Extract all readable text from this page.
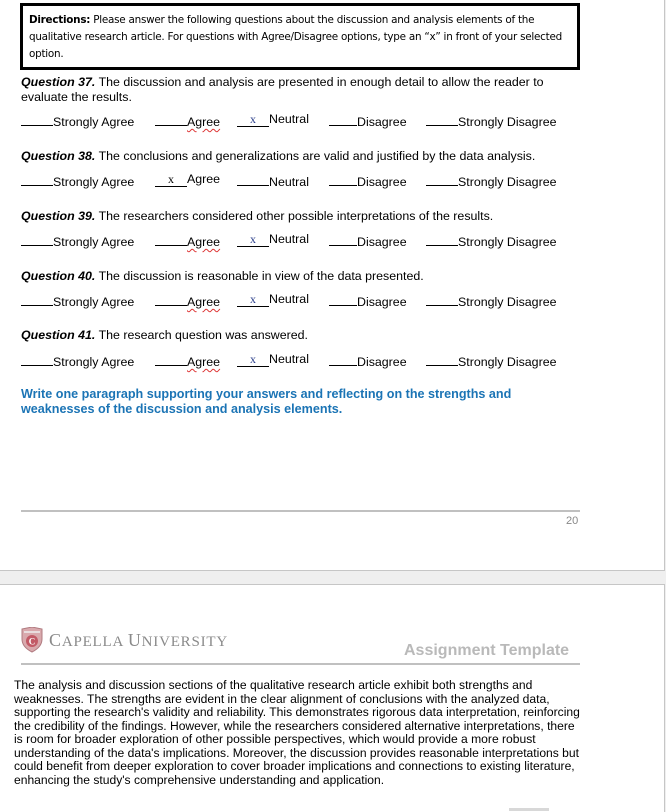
Directions: Please answer the following questions about the discussion and analysis elements of the qualitative research article. For questions with Agree/Disagree options, type an “x” in front of your selected option.
Question 37. The discussion and analysis are presented in enough detail to allow the reader to evaluate the results.
Strongly Agree	Agree	x Neutral	Disagree	Strongly Disagree
Question 38. The conclusions and generalizations are valid and justified by the data analysis.
Strongly Agree	x Agree	Neutral	Disagree	Strongly Disagree
Question 39. The researchers considered other possible interpretations of the results.
Strongly Agree	Agree	x Neutral	Disagree	Strongly Disagree
Question 40. The discussion is reasonable in view of the data presented.
Strongly Agree	Agree	x Neutral	Disagree	Strongly Disagree
Question 41. The research question was answered.
Strongly Agree	Agree	x Neutral	Disagree	Strongly Disagree
Write one paragraph supporting your answers and reflecting on the strengths and weaknesses of the discussion and analysis elements.
20
C CAPELLA UNIVERSITY
Assignment Template
The analysis and discussion sections of the qualitative research article exhibit both strengths and weaknesses. The strengths are evident in the clear alignment of conclusions with the analyzed data, supporting the research's validity and reliability. This demonstrates rigorous data interpretation, reinforcing the credibility of the findings. However, while the researchers considered alternative interpretations, there is room for broader exploration of other possible perspectives, which would provide a more robust understanding of the data's implications. Moreover, the discussion provides reasonable interpretations but could benefit from deeper exploration to cover broader implications and connections to existing literature, enhancing the study's comprehensive understanding and application.
